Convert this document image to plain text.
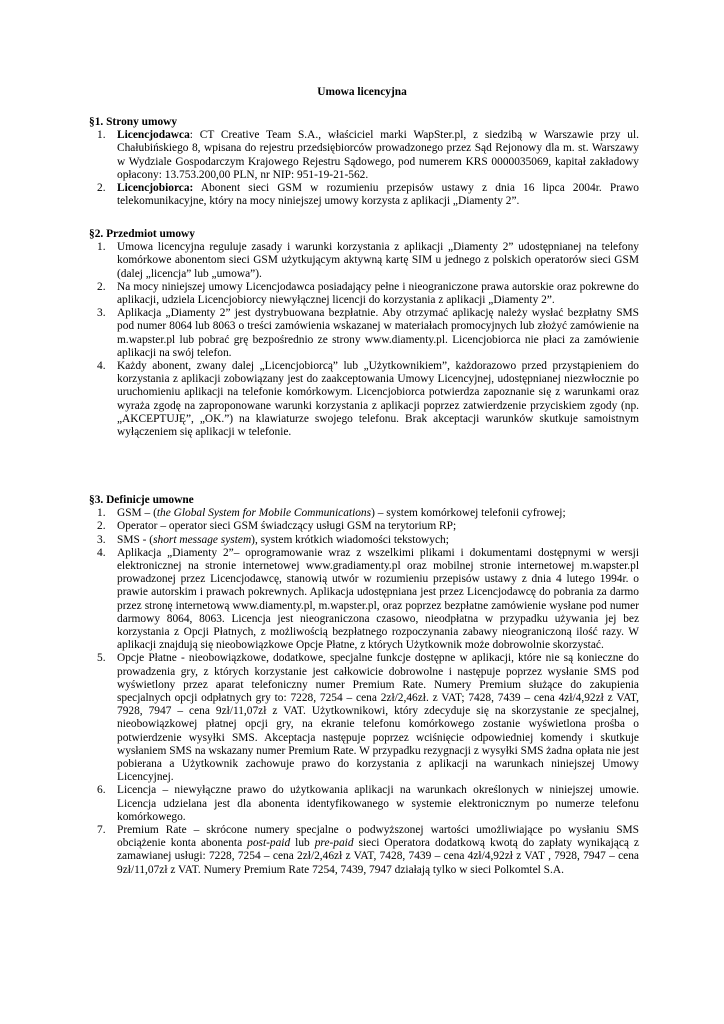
Umowa licencyjna
§1. Strony umowy
1. Licencjodawca: CT Creative Team S.A., właściciel marki WapSter.pl, z siedzibą w Warszawie przy ul. Chałubińskiego 8, wpisana do rejestru przedsiębiorców prowadzonego przez Sąd Rejonowy dla m. st. Warszawy w Wydziale Gospodarczym Krajowego Rejestru Sądowego, pod numerem KRS 0000035069, kapitał zakładowy opłacony: 13.753.200,00 PLN, nr NIP: 951-19-21-562.
2. Licencjobiorca: Abonent sieci GSM w rozumieniu przepisów ustawy z dnia 16 lipca 2004r. Prawo telekomunikacyjne, który na mocy niniejszej umowy korzysta z aplikacji „Diamenty 2”.
§2. Przedmiot umowy
1. Umowa licencyjna reguluje zasady i warunki korzystania z aplikacji „Diamenty 2” udostępnianej na telefony komórkowe abonentom sieci GSM użytkującym aktywną kartę SIM u jednego z polskich operatorów sieci GSM (dalej „licencja” lub „umowa”).
2. Na mocy niniejszej umowy Licencjodawca posiadający pełne i nieograniczone prawa autorskie oraz pokrewne do aplikacji, udziela Licencjobiorcy niewyłącznej licencji do korzystania z aplikacji „Diamenty 2”.
3. Aplikacja „Diamenty 2” jest dystrybuowana bezpłatnie. Aby otrzymać aplikację należy wysłać bezpłatny SMS pod numer 8064 lub 8063 o treści zamówienia wskazanej w materiałach promocyjnych lub złożyć zamówienie na m.wapster.pl lub pobrać grę bezpośrednio ze strony www.diamenty.pl. Licencjobiorca nie płaci za zamówienie aplikacji na swój telefon.
4. Każdy abonent, zwany dalej „Licencjobiorcą” lub „Użytkownikiem”, każdorazowo przed przystąpieniem do korzystania z aplikacji zobowiązany jest do zaakceptowania Umowy Licencyjnej, udostępnianej niezwłocznie po uruchomieniu aplikacji na telefonie komórkowym. Licencjobiorca potwierdza zapoznanie się z warunkami oraz wyraża zgodę na zaproponowane warunki korzystania z aplikacji poprzez zatwierdzenie przyciskiem zgody (np. „AKCEPTUJĘ”, „OK.”) na klawiaturze swojego telefonu. Brak akceptacji warunków skutkuje samoistnym wyłączeniem się aplikacji w telefonie.
§3. Definicje umowne
1. GSM – (the Global System for Mobile Communications) – system komórkowej telefonii cyfrowej;
2. Operator – operator sieci GSM świadczący usługi GSM na terytorium RP;
3. SMS - (short message system), system krótkich wiadomości tekstowych;
4. Aplikacja „Diamenty 2”– oprogramowanie wraz z wszelkimi plikami i dokumentami dostępnymi w wersji elektronicznej na stronie internetowej www.gradiamenty.pl oraz mobilnej stronie internetowej m.wapster.pl prowadzonej przez Licencjodawcę, stanowią utwór w rozumieniu przepisów ustawy z dnia 4 lutego 1994r. o prawie autorskim i prawach pokrewnych. Aplikacja udostępniana jest przez Licencjodawcę do pobrania za darmo przez stronę internetową www.diamenty.pl, m.wapster.pl, oraz poprzez bezpłatne zamówienie wysłane pod numer darmowy 8064, 8063. Licencja jest nieograniczona czasowo, nieodpłatna w przypadku używania jej bez korzystania z Opcji Płatnych, z możliwością bezpłatnego rozpoczynania zabawy nieograniczoną ilość razy. W aplikacji znajdują się nieobowiązkowe Opcje Płatne, z których Użytkownik może dobrowolnie skorzystać.
5. Opcje Płatne - nieobowiązkowe, dodatkowe, specjalne funkcje dostępne w aplikacji, które nie są konieczne do prowadzenia gry, z których korzystanie jest całkowicie dobrowolne i następuje poprzez wysłanie SMS pod wyświetlony przez aparat telefoniczny numer Premium Rate. Numery Premium służące do zakupienia specjalnych opcji odpłatnych gry to: 7228, 7254 – cena 2zł/2,46zł. z VAT; 7428, 7439 – cena 4zł/4,92zł z VAT, 7928, 7947 – cena 9zł/11,07zł z VAT. Użytkownikowi, który zdecyduje się na skorzystanie ze specjalnej, nieobowiązkowej płatnej opcji gry, na ekranie telefonu komórkowego zostanie wyświetlona prośba o potwierdzenie wysyłki SMS. Akceptacja następuje poprzez wciśnięcie odpowiedniej komendy i skutkuje wysłaniem SMS na wskazany numer Premium Rate. W przypadku rezygnacji z wysyłki SMS żadna opłata nie jest pobierana a Użytkownik zachowuje prawo do korzystania z aplikacji na warunkach niniejszej Umowy Licencyjnej.
6. Licencja – niewyłączne prawo do użytkowania aplikacji na warunkach określonych w niniejszej umowie. Licencja udzielana jest dla abonenta identyfikowanego w systemie elektronicznym po numerze telefonu komórkowego.
7. Premium Rate – skrócone numery specjalne o podwyższonej wartości umożliwiające po wysłaniu SMS obciążenie konta abonenta post-paid lub pre-paid sieci Operatora dodatkową kwotą do zapłaty wynikającą z zamawianej usługi: 7228, 7254 – cena 2zł/2,46zł z VAT, 7428, 7439 – cena 4zł/4,92zł z VAT , 7928, 7947 – cena 9zł/11,07zł z VAT. Numery Premium Rate 7254, 7439, 7947 działają tylko w sieci Polkomtel S.A.
